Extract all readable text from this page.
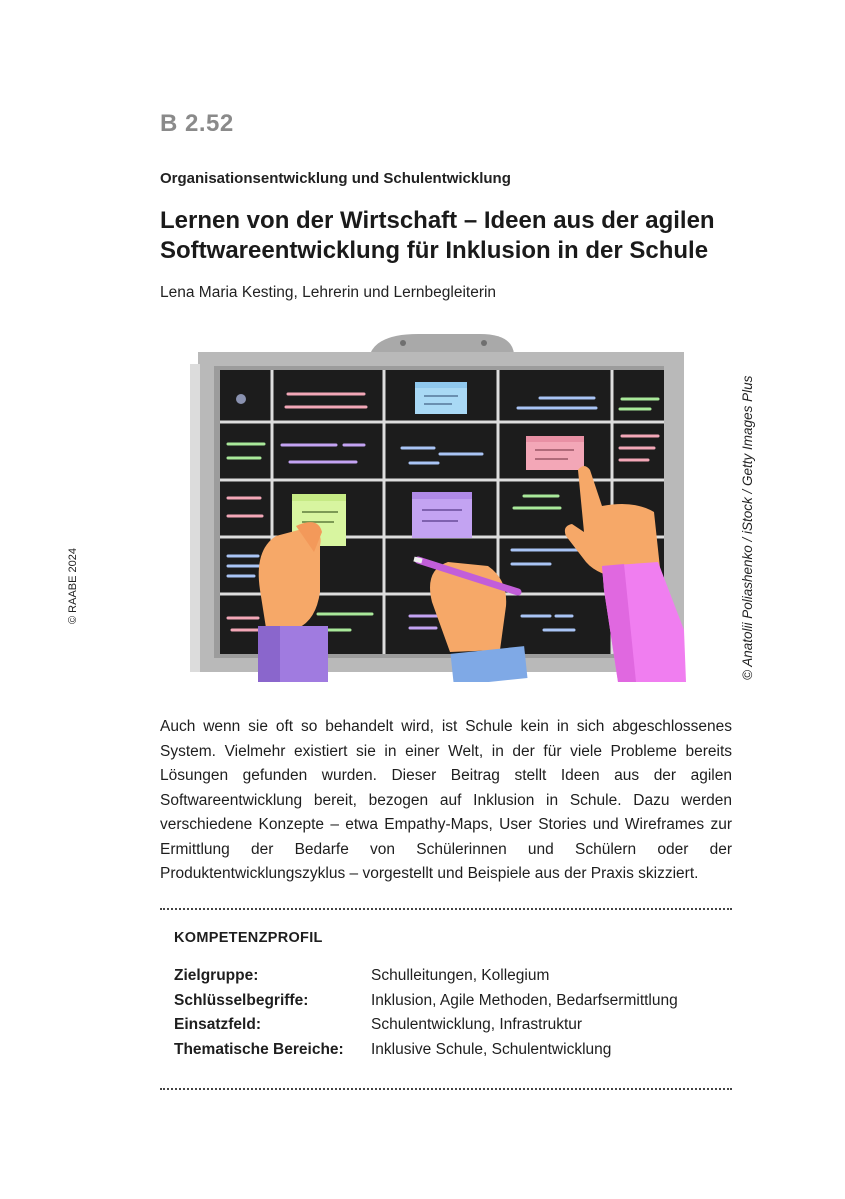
B 2.52
Organisationsentwicklung und Schulentwicklung
Lernen von der Wirtschaft – Ideen aus der agilen
Softwareentwicklung für Inklusion in der Schule
Lena Maria Kesting, Lehrerin und Lernbegleiterin
© Anatolii Poliashenko / iStock / Getty Images Plus
© RAABE 2024
Auch wenn sie oft so behandelt wird, ist Schule kein in sich abgeschlossenes System. Vielmehr existiert sie in einer Welt, in der für viele Probleme bereits Lösungen gefunden wurden. Dieser Beitrag stellt Ideen aus der agilen Softwareentwicklung bereit, bezogen auf Inklusion in Schule. Dazu werden verschiedene Konzepte – etwa Empathy-Maps, User Stories und Wireframes zur Ermittlung der Bedarfe von Schülerinnen und Schülern oder der Produktentwicklungszyklus – vorgestellt und Beispiele aus der Praxis skizziert.
KOMPETENZPROFIL
Zielgruppe:	Schulleitungen, Kollegium
Schlüsselbegriffe:	Inklusion, Agile Methoden, Bedarfsermittlung
Einsatzfeld:	Schulentwicklung, Infrastruktur
Thematische Bereiche:	Inklusive Schule, Schulentwicklung
